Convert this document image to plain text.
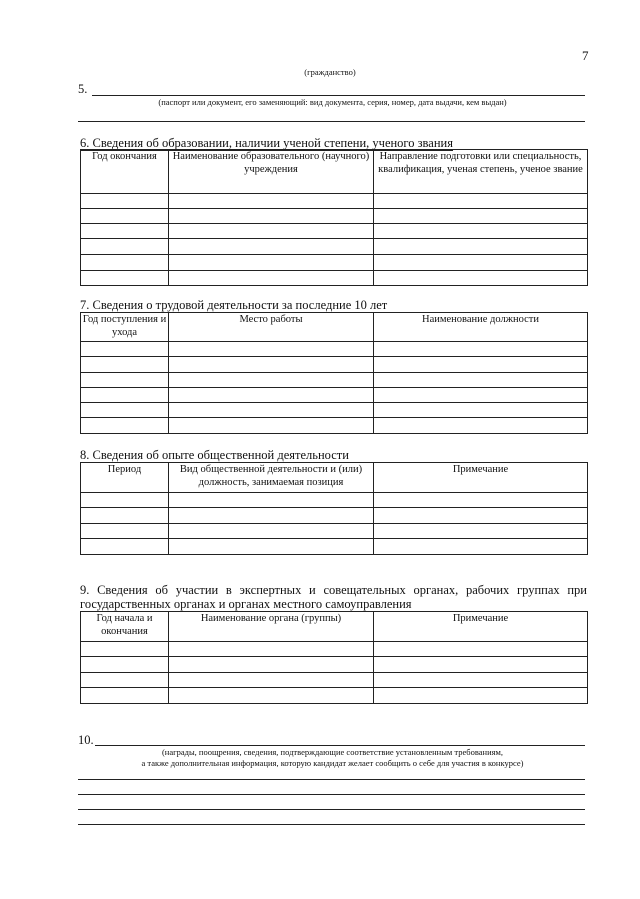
7
(гражданство)
5.
(паспорт или документ, его заменяющий: вид документа, серия, номер, дата выдачи, кем выдан)
6. Сведения об образовании, наличии ученой степени, ученого звания
Год окончания	Наименование образовательного (научного) учреждения	Направление подготовки или специальность, квалификация, ученая степень, ученое звание

7. Сведения о трудовой деятельности за последние 10 лет
Год поступления и ухода	Место работы	Наименование должности

8. Сведения об опыте общественной деятельности
Период	Вид общественной деятельности и (или) должность, занимаемая позиция	Примечание

9. Сведения об участии в экспертных и совещательных органах, рабочих группах при
государственных органах и органах местного самоуправления
Год начала и окончания	Наименование органа (группы)	Примечание

10.
(награды, поощрения, сведения, подтверждающие соответствие установленным требованиям,
а также дополнительная информация, которую кандидат желает сообщить о себе для участия в конкурсе)
